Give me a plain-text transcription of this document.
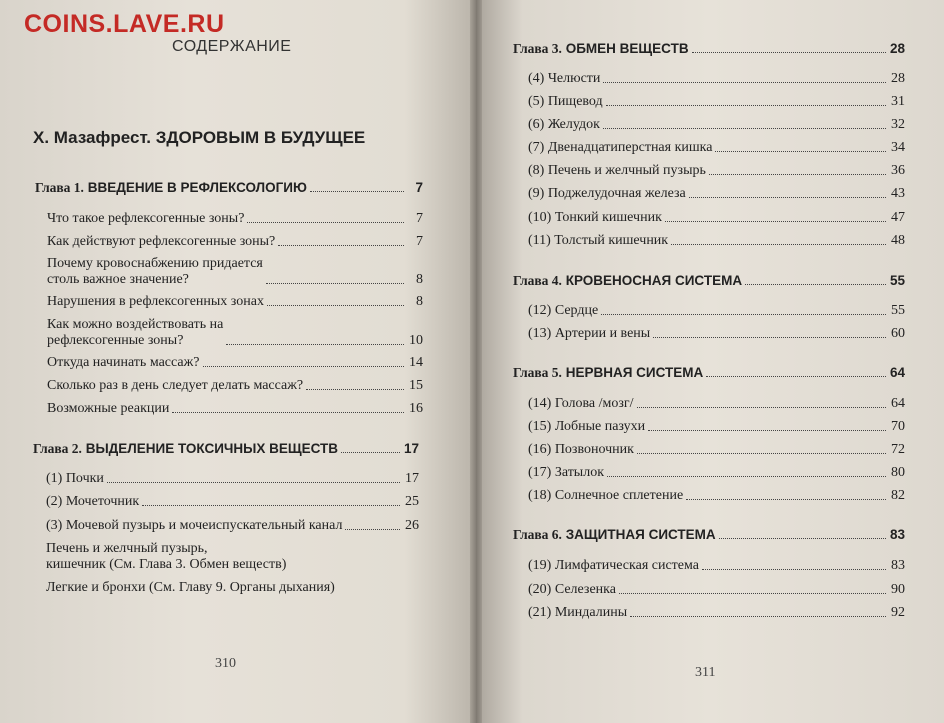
COINS.LAVE.RU
СОДЕРЖАНИЕ
Х. Мазафрест. ЗДОРОВЫМ В БУДУЩЕЕ
Глава 1. ВВЕДЕНИЕ В РЕФЛЕКСОЛОГИЮ	7
Что такое рефлексогенные зоны?	7
Как действуют рефлексогенные зоны?	7
Почему кровоснабжению придается
столь важное значение?	8
Нарушения в рефлексогенных зонах	8
Как можно воздействовать на
рефлексогенные зоны?	10
Откуда начинать массаж?	14
Сколько раз в день следует делать массаж?	15
Возможные реакции	16
Глава 2. ВЫДЕЛЕНИЕ ТОКСИЧНЫХ ВЕЩЕСТВ	17
(1) Почки	17
(2) Мочеточник	25
(3) Мочевой пузырь и мочеиспускательный канал	26
Печень и желчный пузырь,
кишечник (См. Глава 3. Обмен веществ)
Легкие и бронхи (См. Главу 9. Органы дыхания)
310
Глава 3. ОБМЕН ВЕЩЕСТВ	28
(4) Челюсти	28
(5) Пищевод	31
(6) Желудок	32
(7) Двенадцатиперстная кишка	34
(8) Печень и желчный пузырь	36
(9) Поджелудочная железа	43
(10) Тонкий кишечник	47
(11) Толстый кишечник	48
Глава 4. КРОВЕНОСНАЯ СИСТЕМА	55
(12) Сердце	55
(13) Артерии и вены	60
Глава 5. НЕРВНАЯ СИСТЕМА	64
(14) Голова /мозг/	64
(15) Лобные пазухи	70
(16) Позвоночник	72
(17) Затылок	80
(18) Солнечное сплетение	82
Глава 6. ЗАЩИТНАЯ СИСТЕМА	83
(19) Лимфатическая система	83
(20) Селезенка	90
(21) Миндалины	92
311
